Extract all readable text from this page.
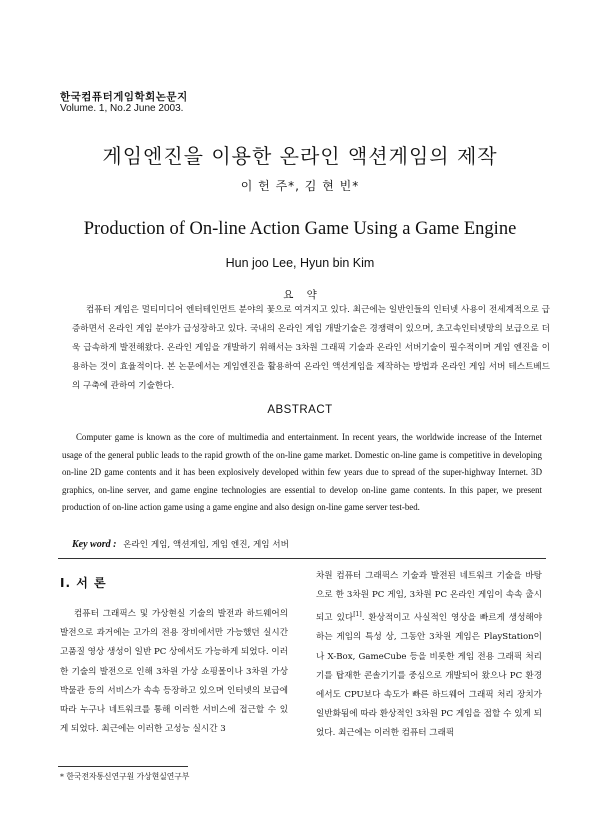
한국컴퓨터게임학회논문지
Volume. 1, No.2 June 2003.
게임엔진을 이용한 온라인 액션게임의 제작
이 헌 주*, 김 현 빈*
Production of On-line Action Game Using a Game Engine
Hun joo Lee, Hyun bin Kim
요 약

컴퓨터 게임은 멀티미디어 엔터테인먼트 분야의 꽃으로 여겨지고 있다. 최근에는 일반인들의 인터넷 사용이 전세계적으로 급증하면서 온라인 게임 분야가 급성장하고 있다. 국내의 온라인 게임 개발기술은 경쟁력이 있으며, 초고속인터넷망의 보급으로 더욱 급속하게 발전해왔다. 온라인 게임을 개발하기 위해서는 3차원 그래픽 기술과 온라인 서버기술이 필수적이며 게임 엔진을 이용하는 것이 효율적이다. 본 논문에서는 게임엔진을 활용하여 온라인 액션게임을 제작하는 방법과 온라인 게임 서버 테스트베드의 구축에 관하여 기술한다.

ABSTRACT

Computer game is known as the core of multimedia and entertainment. In recent years, the worldwide increase of the Internet usage of the general public leads to the rapid growth of the on-line game market. Domestic on-line game is competitive in developing on-line 2D game contents and it has been explosively developed within few years due to spread of the super-highway Internet. 3D graphics, on-line server, and game engine technologies are essential to develop on-line game contents. In this paper, we present production of on-line action game using a game engine and also design on-line game server test-bed.

Key word : 온라인 게임, 액션게임, 게임 엔진, 게임 서버
Ⅰ. 서 론

컴퓨터 그래픽스 및 가상현실 기술의 발전과 하드웨어의 발전으로 과거에는 고가의 전용 장비에서만 가능했던 실시간 고품질 영상 생성이 일반 PC 상에서도 가능하게 되었다. 이러한 기술의 발전으로 인해 3차원 가상 쇼핑몰이나 3차원 가상 박물관 등의 서비스가 속속 등장하고 있으며 인터넷의 보급에 따라 누구나 네트워크를 통해 이러한 서비스에 접근할 수 있게 되었다. 최근에는 이러한 고성능 실시간 3

차원 컴퓨터 그래픽스 기술과 발전된 네트워크 기술을 바탕으로 한 3차원 PC 게임, 3차원 PC 온라인 게임이 속속 출시되고 있다[1]. 환상적이고 사실적인 영상을 빠르게 생성해야 하는 게임의 특성 상, 그동안 3차원 게임은 PlayStation이나 X-Box, GameCube 등을 비롯한 게임 전용 그래픽 처리기를 탑재한 콘솔기기를 중심으로 개발되어 왔으나 PC 환경에서도 CPU보다 속도가 빠른 하드웨어 그래픽 처리 장치가 일반화됨에 따라 환상적인 3차원 PC 게임을 접할 수 있게 되었다. 최근에는 이러한 컴퓨터 그래픽

* 한국전자통신연구원 가상현실연구부
